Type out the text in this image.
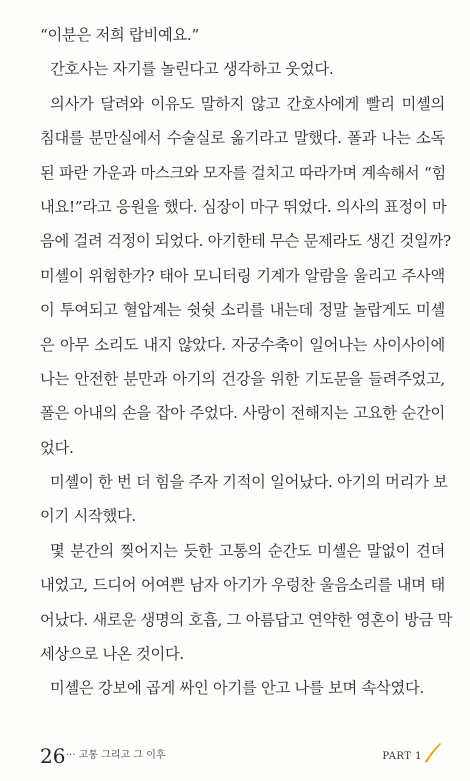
“이분은 저희 랍비예요.”
간호사는 자기를 놀린다고 생각하고 웃었다.
의사가 달려와 이유도 말하지 않고 간호사에게 빨리 미셸의
침대를 분만실에서 수술실로 옮기라고 말했다. 폴과 나는 소독
된 파란 가운과 마스크와 모자를 걸치고 따라가며 계속해서 “힘
내요!”라고 응원을 했다. 심장이 마구 뛰었다. 의사의 표정이 마
음에 걸려 걱정이 되었다. 아기한테 무슨 문제라도 생긴 것일까?
미셸이 위험한가? 태아 모니터링 기계가 알람을 울리고 주사액
이 투여되고 혈압계는 쉿쉿 소리를 내는데 정말 놀랍게도 미셸
은 아무 소리도 내지 않았다. 자궁수축이 일어나는 사이사이에
나는 안전한 분만과 아기의 건강을 위한 기도문을 들려주었고,
폴은 아내의 손을 잡아 주었다. 사랑이 전해지는 고요한 순간이
었다.
미셸이 한 번 더 힘을 주자 기적이 일어났다. 아기의 머리가 보
이기 시작했다.
몇 분간의 찢어지는 듯한 고통의 순간도 미셸은 말없이 견뎌
내었고, 드디어 어여쁜 남자 아기가 우렁찬 울음소리를 내며 태
어났다. 새로운 생명의 호흡, 그 아름답고 연약한 영혼이 방금 막
세상으로 나온 것이다.
미셸은 강보에 곱게 싸인 아기를 안고 나를 보며 속삭였다.
26 ··· 고통 그리고 그 이후	PART 1
